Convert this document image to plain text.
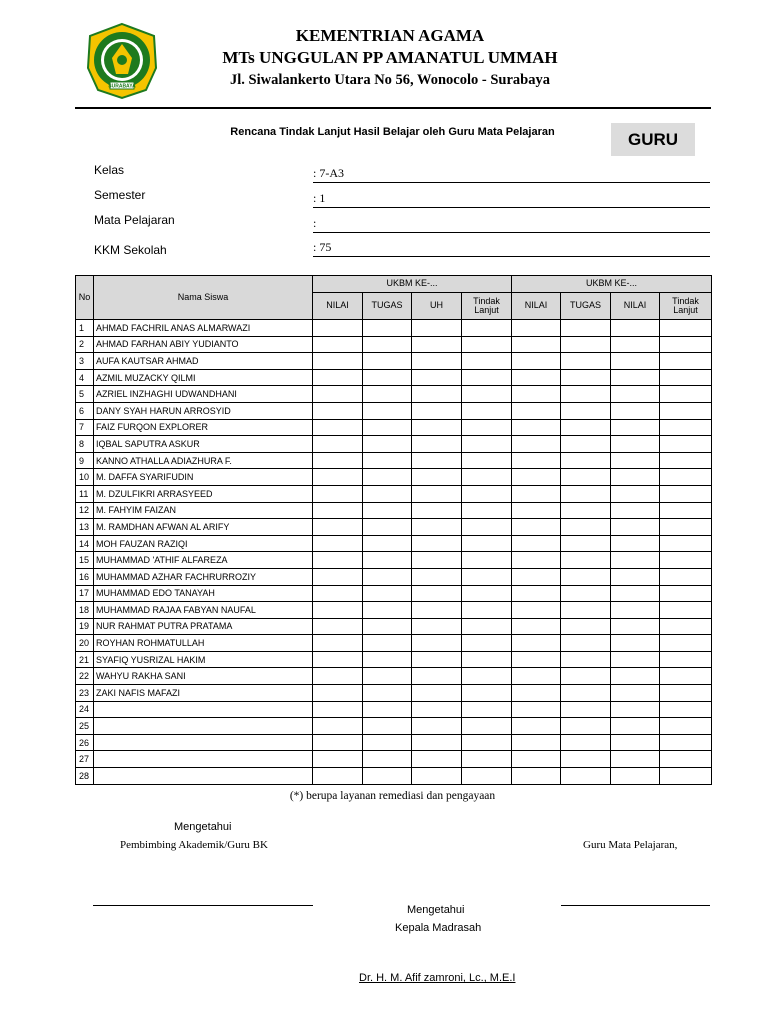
SURABAYA
KEMENTRIAN AGAMA
MTs UNGGULAN PP AMANATUL UMMAH
Jl. Siwalankerto Utara No 56, Wonocolo - Surabaya
Rencana Tindak Lanjut Hasil Belajar oleh Guru Mata Pelajaran	GURU
Kelas	: 7-A3
Semester	: 1
Mata Pelajaran	:
KKM Sekolah	: 75
No	Nama Siswa	UKBM KE-...				UKBM KE-...			
		NILAI	TUGAS	UH	Tindak Lanjut	NILAI	TUGAS	NILAI	Tindak Lanjut
1	AHMAD FACHRIL ANAS ALMARWAZI								
2	AHMAD FARHAN ABIY YUDIANTO								
3	AUFA KAUTSAR AHMAD								
4	AZMIL MUZACKY QILMI								
5	AZRIEL INZHAGHI UDWANDHANI								
6	DANY SYAH HARUN ARROSYID								
7	FAIZ FURQON EXPLORER								
8	IQBAL SAPUTRA ASKUR								
9	KANNO ATHALLA ADIAZHURA F.								
10	M. DAFFA SYARIFUDIN								
11	M. DZULFIKRI ARRASYEED								
12	M. FAHYIM FAIZAN								
13	M. RAMDHAN AFWAN AL ARIFY								
14	MOH FAUZAN RAZIQI								
15	MUHAMMAD 'ATHIF ALFAREZA								
16	MUHAMMAD AZHAR FACHRURROZIY								
17	MUHAMMAD EDO TANAYAH								
18	MUHAMMAD RAJAA FABYAN NAUFAL								
19	NUR RAHMAT PUTRA PRATAMA								
20	ROYHAN ROHMATULLAH								
21	SYAFIQ YUSRIZAL HAKIM								
22	WAHYU RAKHA SANI								
23	ZAKI NAFIS MAFAZI								
24									
25									
26									
27									
28									
(*) berupa layanan remediasi dan pengayaan
Mengetahui
Pembimbing Akademik/Guru BK	Guru Mata Pelajaran,
Mengetahui
Kepala Madrasah
Dr. H. M. Afif zamroni, Lc., M.E.I
